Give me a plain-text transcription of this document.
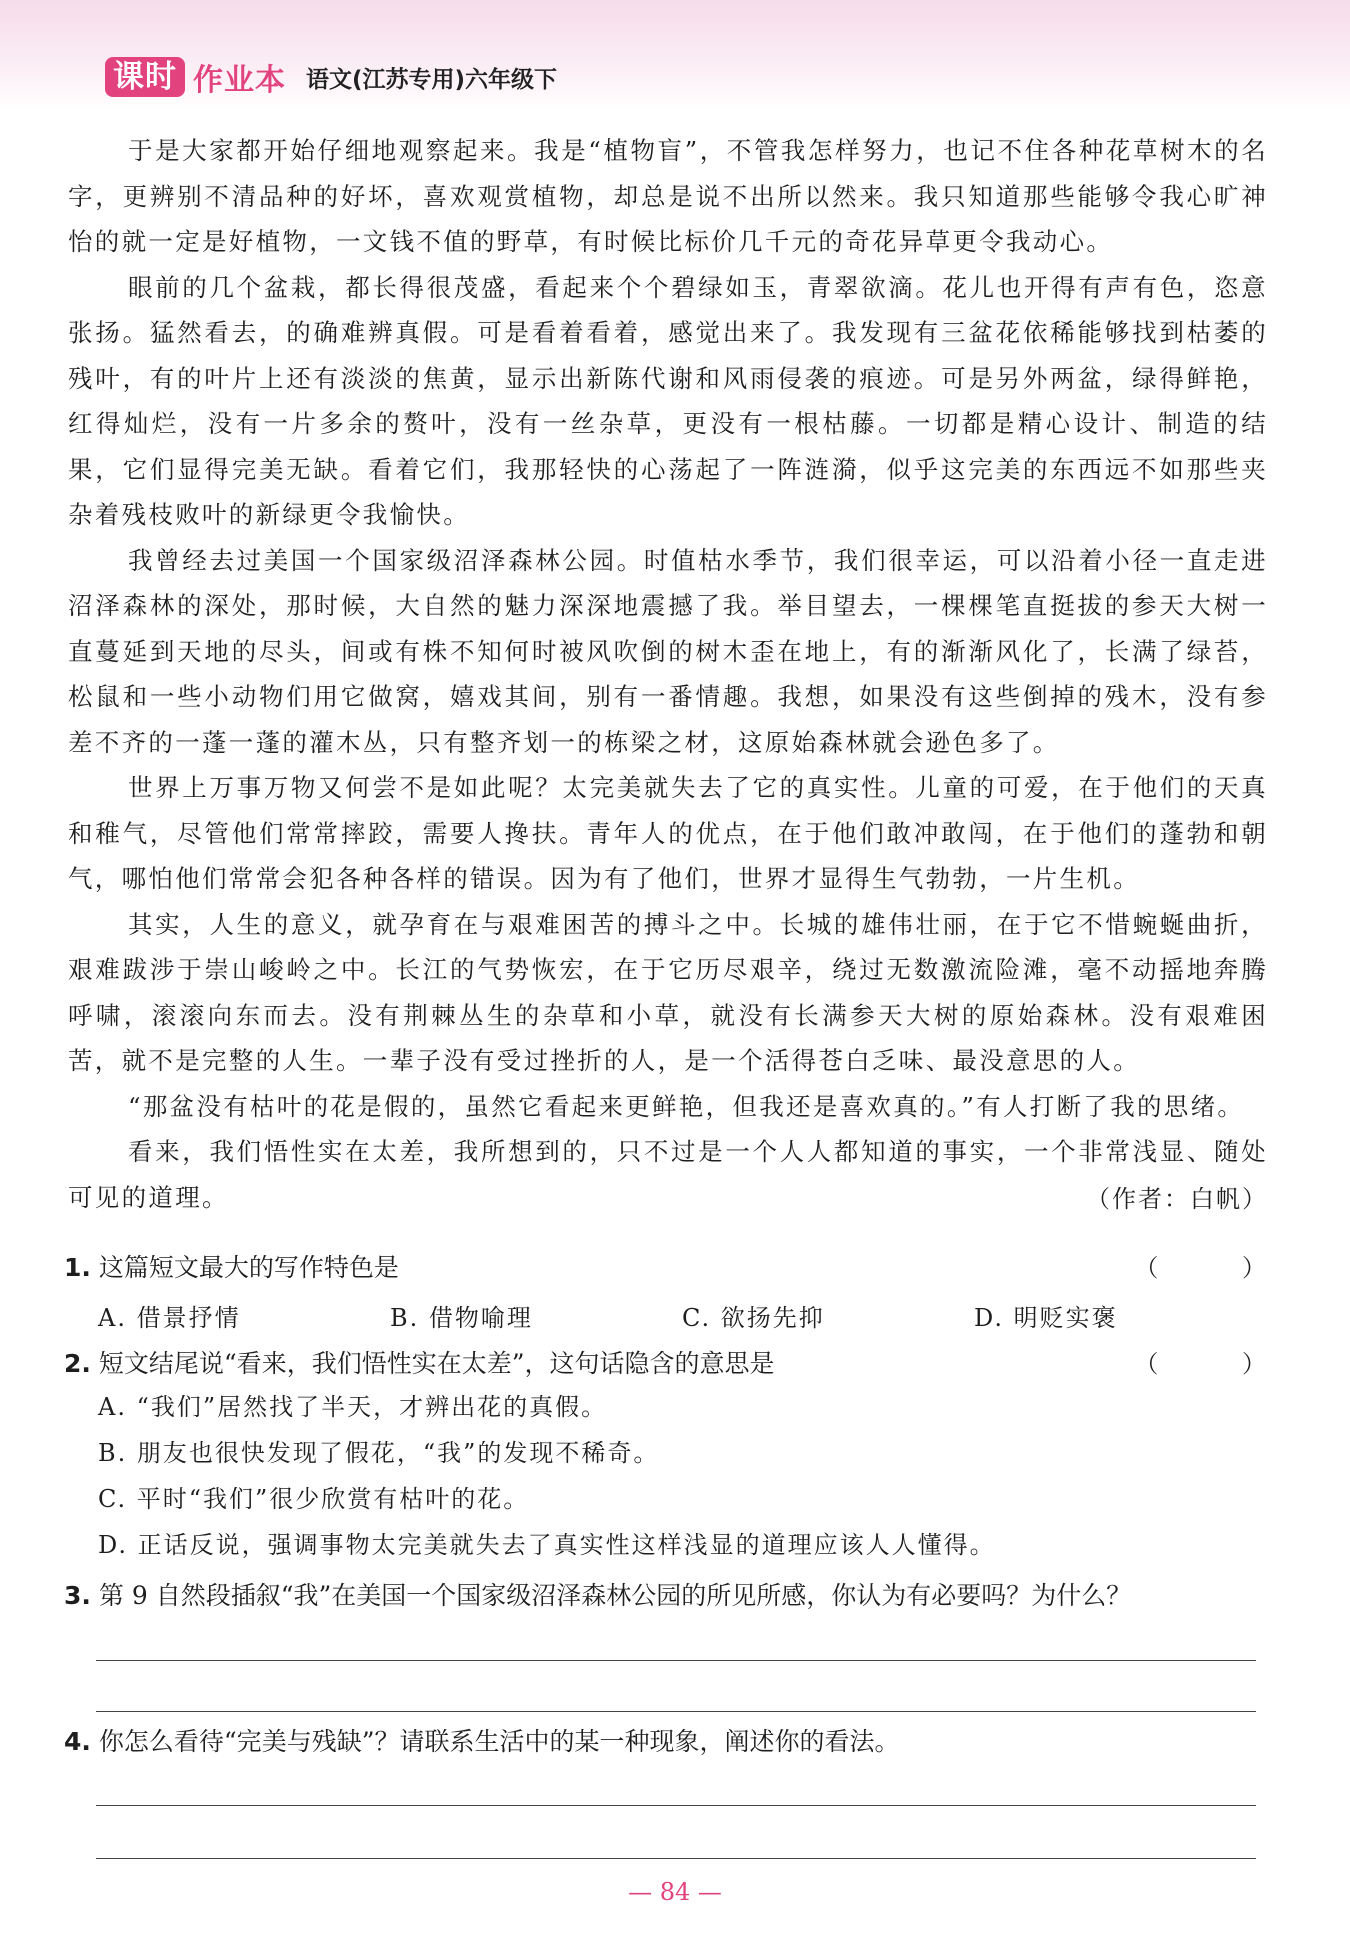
课时 作业本 语文(江苏专用)六年级下

于是大家都开始仔细地观察起来。我是“植物盲”，不管我怎样努力，也记不住各种花草树木的名字，更辨别不清品种的好坏，喜欢观赏植物，却总是说不出所以然来。我只知道那些能够令我心旷神怡的就一定是好植物，一文钱不值的野草，有时候比标价几千元的奇花异草更令我动心。

眼前的几个盆栽，都长得很茂盛，看起来个个碧绿如玉，青翠欲滴。花儿也开得有声有色，恣意张扬。猛然看去，的确难辨真假。可是看着看着，感觉出来了。我发现有三盆花依稀能够找到枯萎的残叶，有的叶片上还有淡淡的焦黄，显示出新陈代谢和风雨侵袭的痕迹。可是另外两盆，绿得鲜艳，红得灿烂，没有一片多余的赘叶，没有一丝杂草，更没有一根枯藤。一切都是精心设计、制造的结果，它们显得完美无缺。看着它们，我那轻快的心荡起了一阵涟漪，似乎这完美的东西远不如那些夹杂着残枝败叶的新绿更令我愉快。

我曾经去过美国一个国家级沼泽森林公园。时值枯水季节，我们很幸运，可以沿着小径一直走进沼泽森林的深处，那时候，大自然的魅力深深地震撼了我。举目望去，一棵棵笔直挺拔的参天大树一直蔓延到天地的尽头，间或有株不知何时被风吹倒的树木歪在地上，有的渐渐风化了，长满了绿苔，松鼠和一些小动物们用它做窝，嬉戏其间，别有一番情趣。我想，如果没有这些倒掉的残木，没有参差不齐的一蓬一蓬的灌木丛，只有整齐划一的栋梁之材，这原始森林就会逊色多了。

世界上万事万物又何尝不是如此呢？太完美就失去了它的真实性。儿童的可爱，在于他们的天真和稚气，尽管他们常常摔跤，需要人搀扶。青年人的优点，在于他们敢冲敢闯，在于他们的蓬勃和朝气，哪怕他们常常会犯各种各样的错误。因为有了他们，世界才显得生气勃勃，一片生机。

其实，人生的意义，就孕育在与艰难困苦的搏斗之中。长城的雄伟壮丽，在于它不惜蜿蜒曲折，艰难跋涉于崇山峻岭之中。长江的气势恢宏，在于它历尽艰辛，绕过无数激流险滩，毫不动摇地奔腾呼啸，滚滚向东而去。没有荆棘丛生的杂草和小草，就没有长满参天大树的原始森林。没有艰难困苦，就不是完整的人生。一辈子没有受过挫折的人，是一个活得苍白乏味、最没意思的人。

“那盆没有枯叶的花是假的，虽然它看起来更鲜艳，但我还是喜欢真的。”有人打断了我的思绪。

看来，我们悟性实在太差，我所想到的，只不过是一个人人都知道的事实，一个非常浅显、随处可见的道理。	（作者：白帆）
1. 这篇短文最大的写作特色是	（ ）
A. 借景抒情	B. 借物喻理	C. 欲扬先抑	D. 明贬实褒
2. 短文结尾说“看来，我们悟性实在太差”，这句话隐含的意思是	（ ）
A. “我们”居然找了半天，才辨出花的真假。
B. 朋友也很快发现了假花，“我”的发现不稀奇。
C. 平时“我们”很少欣赏有枯叶的花。
D. 正话反说，强调事物太完美就失去了真实性这样浅显的道理应该人人懂得。
3. 第 9 自然段插叙“我”在美国一个国家级沼泽森林公园的所见所感，你认为有必要吗？为什么？
4. 你怎么看待“完美与残缺”？请联系生活中的某一种现象，阐述你的看法。
— 84 —
